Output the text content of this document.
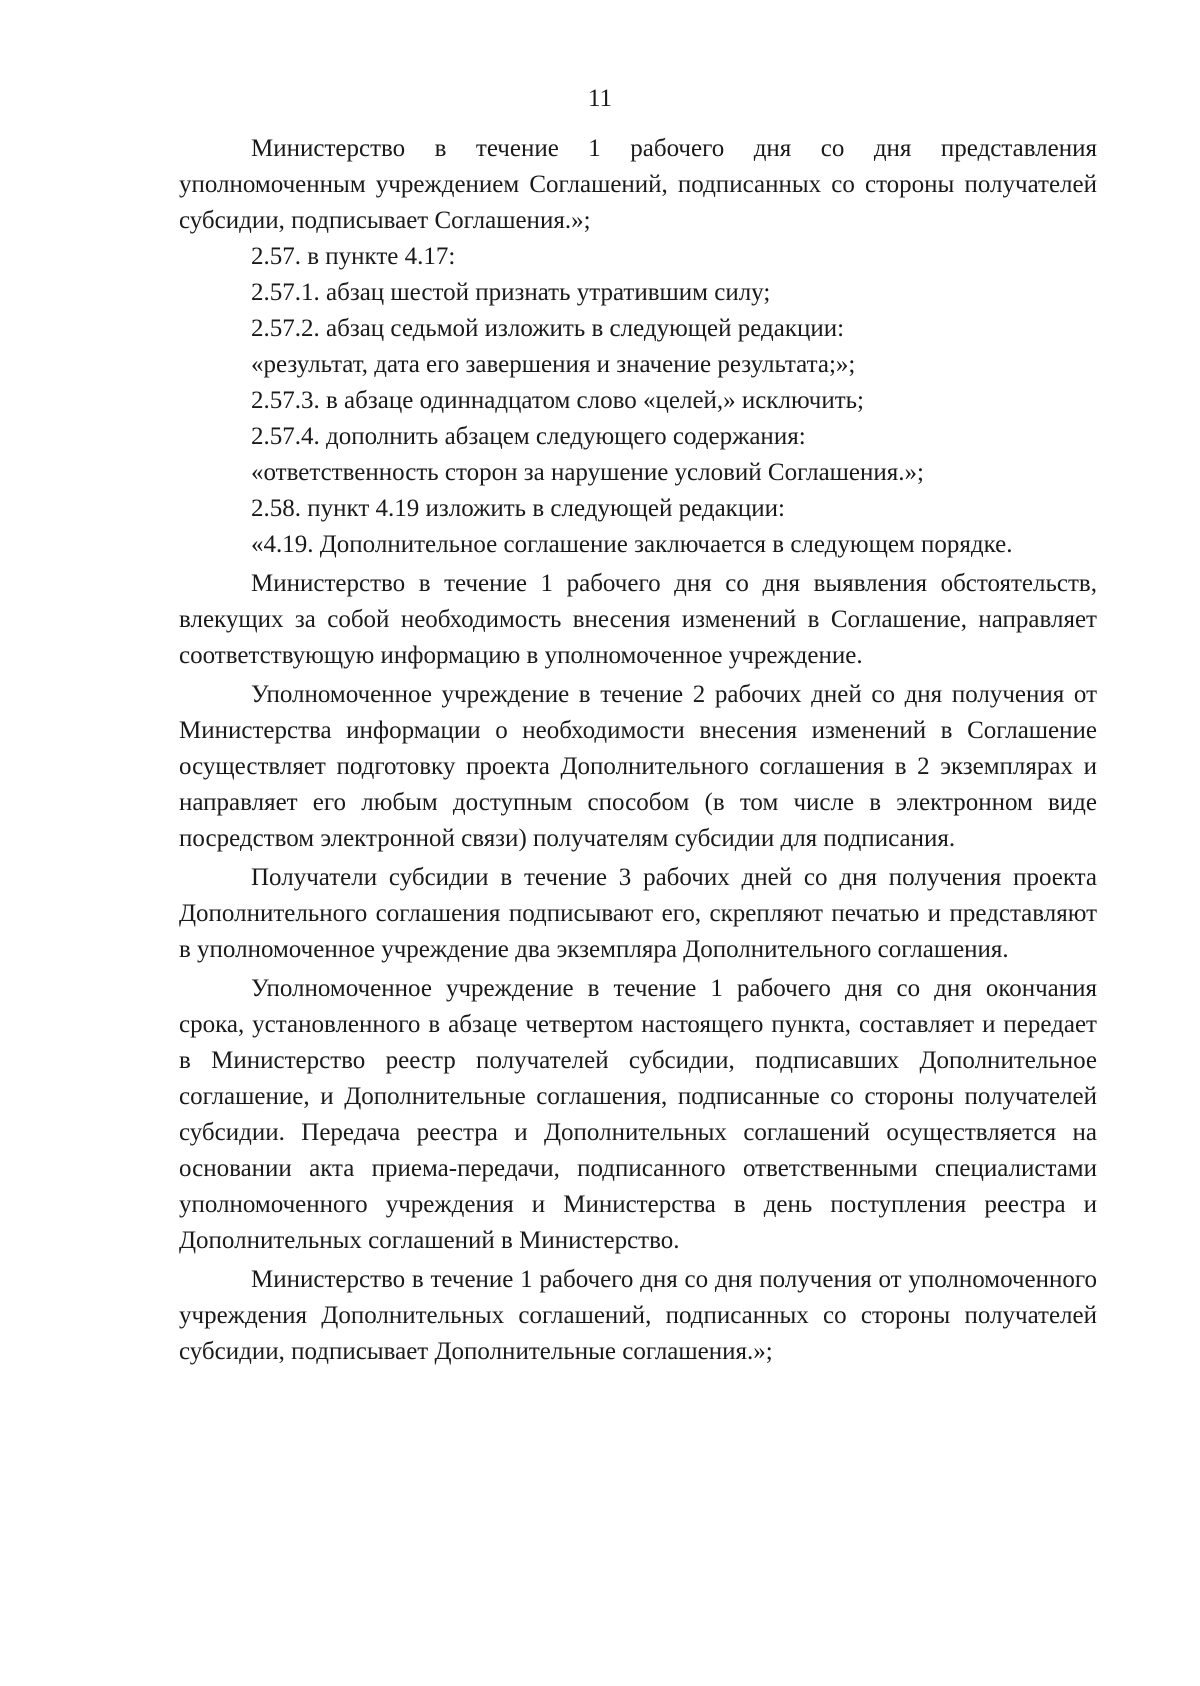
11

Министерство в течение 1 рабочего дня со дня представления уполномоченным учреждением Соглашений, подписанных со стороны получателей субсидии, подписывает Соглашения.»;

2.57. в пункте 4.17:

2.57.1. абзац шестой признать утратившим силу;

2.57.2. абзац седьмой изложить в следующей редакции:

«результат, дата его завершения и значение результата;»;

2.57.3. в абзаце одиннадцатом слово «целей,» исключить;

2.57.4. дополнить абзацем следующего содержания:

«ответственность сторон за нарушение условий Соглашения.»;

2.58. пункт 4.19 изложить в следующей редакции:

«4.19. Дополнительное соглашение заключается в следующем порядке.

Министерство в течение 1 рабочего дня со дня выявления обстоятельств, влекущих за собой необходимость внесения изменений в Соглашение, направляет соответствующую информацию в уполномоченное учреждение.

Уполномоченное учреждение в течение 2 рабочих дней со дня получения от Министерства информации о необходимости внесения изменений в Соглашение осуществляет подготовку проекта Дополнительного соглашения в 2 экземплярах и направляет его любым доступным способом (в том числе в электронном виде посредством электронной связи) получателям субсидии для подписания.

Получатели субсидии в течение 3 рабочих дней со дня получения проекта Дополнительного соглашения подписывают его, скрепляют печатью и представляют в уполномоченное учреждение два экземпляра Дополнительного соглашения.

Уполномоченное учреждение в течение 1 рабочего дня со дня окончания срока, установленного в абзаце четвертом настоящего пункта, составляет и передает в Министерство реестр получателей субсидии, подписавших Дополнительное соглашение, и Дополнительные соглашения, подписанные со стороны получателей субсидии. Передача реестра и Дополнительных соглашений осуществляется на основании акта приема-передачи, подписанного ответственными специалистами уполномоченного учреждения и Министерства в день поступления реестра и Дополнительных соглашений в Министерство.

Министерство в течение 1 рабочего дня со дня получения от уполномоченного учреждения Дополнительных соглашений, подписанных со стороны получателей субсидии, подписывает Дополнительные соглашения.»;
